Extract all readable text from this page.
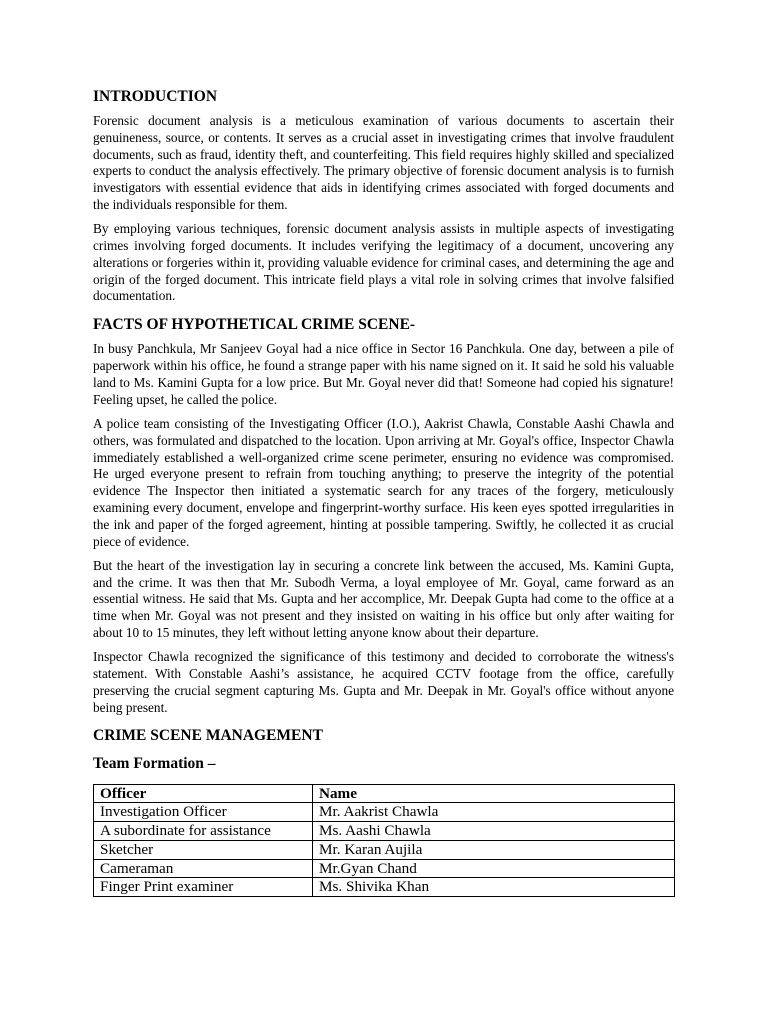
INTRODUCTION

Forensic document analysis is a meticulous examination of various documents to ascertain their genuineness, source, or contents. It serves as a crucial asset in investigating crimes that involve fraudulent documents, such as fraud, identity theft, and counterfeiting. This field requires highly skilled and specialized experts to conduct the analysis effectively. The primary objective of forensic document analysis is to furnish investigators with essential evidence that aids in identifying crimes associated with forged documents and the individuals responsible for them.

By employing various techniques, forensic document analysis assists in multiple aspects of investigating crimes involving forged documents. It includes verifying the legitimacy of a document, uncovering any alterations or forgeries within it, providing valuable evidence for criminal cases, and determining the age and origin of the forged document. This intricate field plays a vital role in solving crimes that involve falsified documentation.

FACTS OF HYPOTHETICAL CRIME SCENE-

In busy Panchkula, Mr Sanjeev Goyal had a nice office in Sector 16 Panchkula. One day, between a pile of paperwork within his office, he found a strange paper with his name signed on it. It said he sold his valuable land to Ms. Kamini Gupta for a low price. But Mr. Goyal never did that! Someone had copied his signature! Feeling upset, he called the police.

A police team consisting of the Investigating Officer (I.O.), Aakrist Chawla, Constable Aashi Chawla and others, was formulated and dispatched to the location. Upon arriving at Mr. Goyal's office, Inspector Chawla immediately established a well-organized crime scene perimeter, ensuring no evidence was compromised. He urged everyone present to refrain from touching anything; to preserve the integrity of the potential evidence The Inspector then initiated a systematic search for any traces of the forgery, meticulously examining every document, envelope and fingerprint-worthy surface. His keen eyes spotted irregularities in the ink and paper of the forged agreement, hinting at possible tampering. Swiftly, he collected it as crucial piece of evidence.

But the heart of the investigation lay in securing a concrete link between the accused, Ms. Kamini Gupta, and the crime. It was then that Mr. Subodh Verma, a loyal employee of Mr. Goyal, came forward as an essential witness. He said that Ms. Gupta and her accomplice, Mr. Deepak Gupta had come to the office at a time when Mr. Goyal was not present and they insisted on waiting in his office but only after waiting for about 10 to 15 minutes, they left without letting anyone know about their departure.

Inspector Chawla recognized the significance of this testimony and decided to corroborate the witness's statement. With Constable Aashi’s assistance, he acquired CCTV footage from the office, carefully preserving the crucial segment capturing Ms. Gupta and Mr. Deepak in Mr. Goyal's office without anyone being present.

CRIME SCENE MANAGEMENT
Team Formation –
Officer	Name
Investigation Officer	Mr. Aakrist Chawla
A subordinate for assistance	Ms. Aashi Chawla
Sketcher	Mr. Karan Aujila
Cameraman	Mr.Gyan Chand
Finger Print examiner	Ms. Shivika Khan
